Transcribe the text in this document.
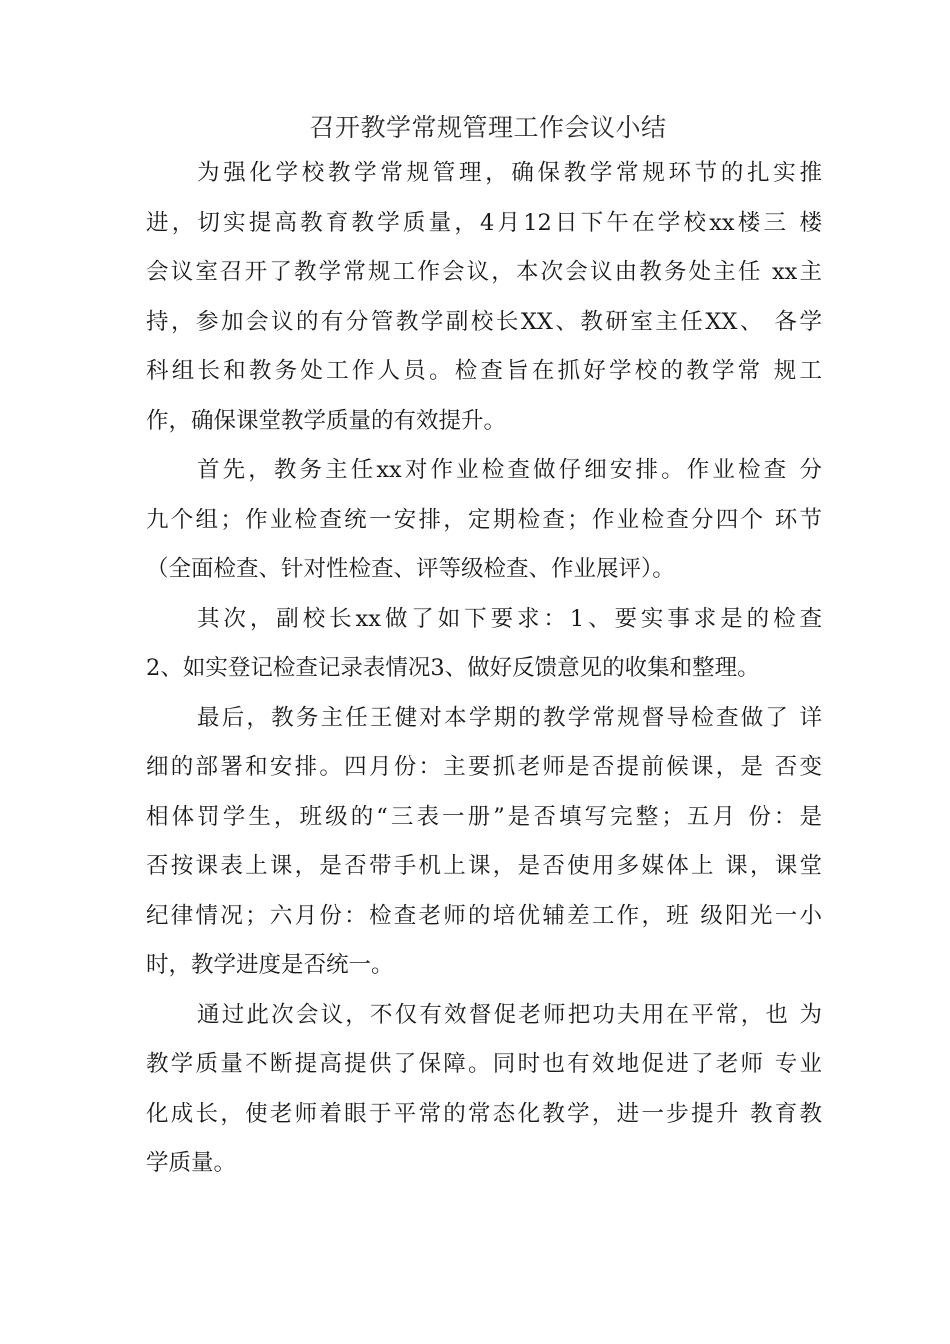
召开教学常规管理工作会议小结
为强化学校教学常规管理，确保教学常规环节的扎实推
进，切实提高教育教学质量，4月12日下午在学校xx楼三 楼
会议室召开了教学常规工作会议，本次会议由教务处主任 xx主
持，参加会议的有分管教学副校长XX、教研室主任XX、 各学
科组长和教务处工作人员。检查旨在抓好学校的教学常 规工
作，确保课堂教学质量的有效提升。
首先，教务主任xx对作业检查做仔细安排。作业检查 分
九个组；作业检查统一安排，定期检查；作业检查分四个 环节
（全面检查、针对性检查、评等级检查、作业展评）。
其次，副校长xx做了如下要求：1、要实事求是的检查
2、如实登记检查记录表情况3、做好反馈意见的收集和整理。
最后，教务主任王健对本学期的教学常规督导检查做了 详
细的部署和安排。四月份：主要抓老师是否提前候课，是 否变
相体罚学生，班级的“三表一册”是否填写完整；五月 份：是
否按课表上课，是否带手机上课，是否使用多媒体上 课，课堂
纪律情况；六月份：检查老师的培优辅差工作，班 级阳光一小
时，教学进度是否统一。
通过此次会议，不仅有效督促老师把功夫用在平常，也 为
教学质量不断提高提供了保障。同时也有效地促进了老师 专业
化成长，使老师着眼于平常的常态化教学，进一步提升 教育教
学质量。
